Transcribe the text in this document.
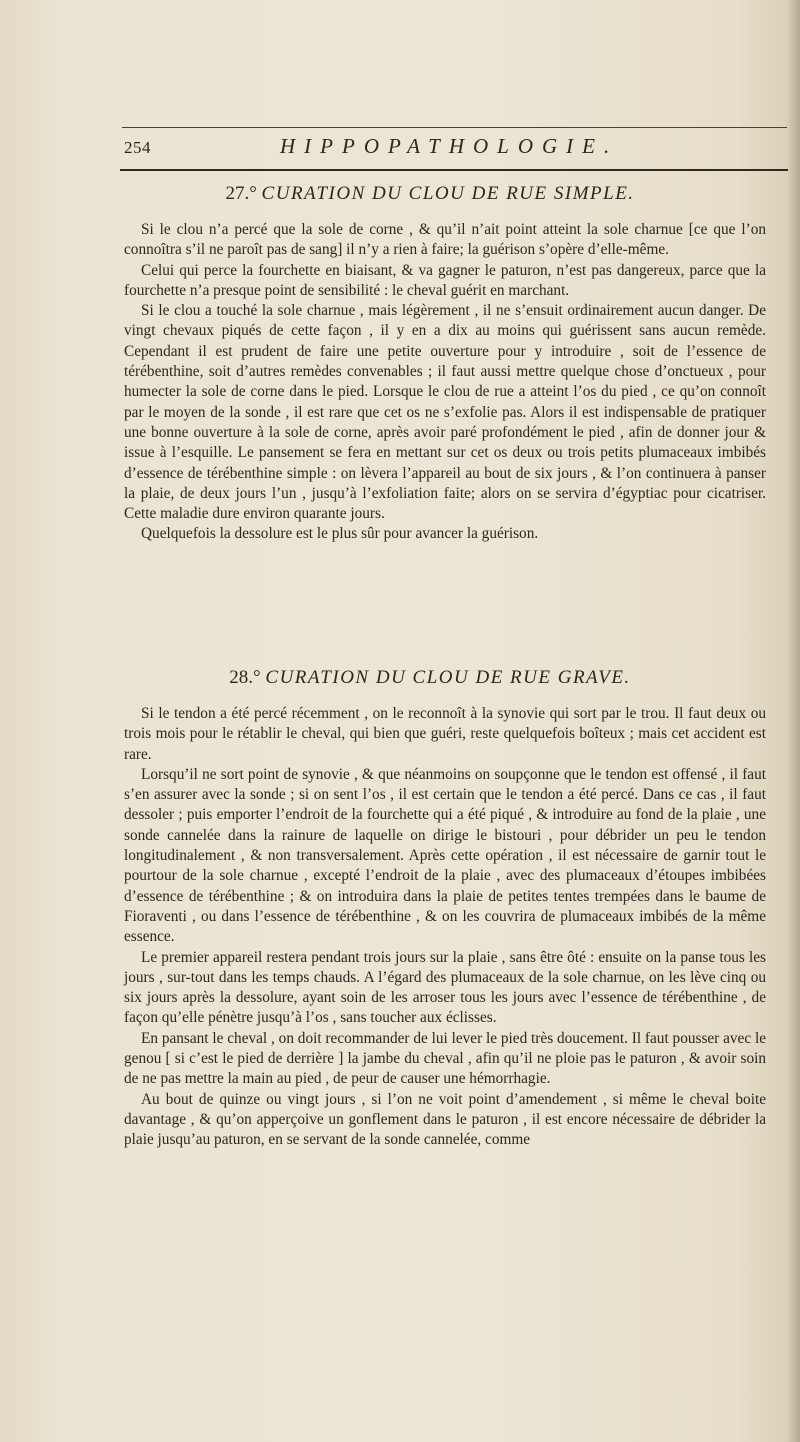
254	HIPPOPATHOLOGIE.
27.° CURATION DU CLOU DE RUE SIMPLE.

Si le clou n’a percé que la sole de corne , & qu’il n’ait point atteint la sole charnue [ce que l’on connoîtra s’il ne paroît pas de sang] il n’y a rien à faire; la guérison s’opère d’elle-même.

Celui qui perce la fourchette en biaisant, & va gagner le paturon, n’est pas dangereux, parce que la fourchette n’a presque point de sensibilité : le cheval guérit en marchant.

Si le clou a touché la sole charnue , mais légèrement , il ne s’ensuit ordinairement aucun danger. De vingt chevaux piqués de cette façon , il y en a dix au moins qui guérissent sans aucun remède. Cependant il est prudent de faire une petite ouverture pour y introduire , soit de l’essence de térébenthine, soit d’autres remèdes convenables ; il faut aussi mettre quelque chose d’onctueux , pour humecter la sole de corne dans le pied. Lorsque le clou de rue a atteint l’os du pied , ce qu’on connoît par le moyen de la sonde , il est rare que cet os ne s’exfolie pas. Alors il est indispensable de pratiquer une bonne ouverture à la sole de corne, après avoir paré profondément le pied , afin de donner jour & issue à l’esquille. Le pansement se fera en mettant sur cet os deux ou trois petits plumaceaux imbibés d’essence de térébenthine simple : on lèvera l’appareil au bout de six jours , & l’on continuera à panser la plaie, de deux jours l’un , jusqu’à l’exfoliation faite; alors on se servira d’égyptiac pour cicatriser. Cette maladie dure environ quarante jours.

Quelquefois la dessolure est le plus sûr pour avancer la guérison.

28.° CURATION DU CLOU DE RUE GRAVE.

Si le tendon a été percé récemment , on le reconnoît à la synovie qui sort par le trou. Il faut deux ou trois mois pour le rétablir le cheval, qui bien que guéri, reste quelquefois boîteux ; mais cet accident est rare.

Lorsqu’il ne sort point de synovie , & que néanmoins on soupçonne que le tendon est offensé , il faut s’en assurer avec la sonde ; si on sent l’os , il est certain que le tendon a été percé. Dans ce cas , il faut dessoler ; puis emporter l’endroit de la fourchette qui a été piqué , & introduire au fond de la plaie , une sonde cannelée dans la rainure de laquelle on dirige le bistouri , pour débrider un peu le tendon longitudinalement , & non transversalement. Après cette opération , il est nécessaire de garnir tout le pourtour de la sole charnue , excepté l’endroit de la plaie , avec des plumaceaux d’étoupes imbibées d’essence de térébenthine ; & on introduira dans la plaie de petites tentes trempées dans le baume de Fioraventi , ou dans l’essence de térébenthine , & on les couvrira de plumaceaux imbibés de la même essence.

Le premier appareil restera pendant trois jours sur la plaie , sans être ôté : ensuite on la panse tous les jours , sur-tout dans les temps chauds. A l’égard des plumaceaux de la sole charnue, on les lève cinq ou six jours après la dessolure, ayant soin de les arroser tous les jours avec l’essence de térébenthine , de façon qu’elle pénètre jusqu’à l’os , sans toucher aux éclisses.

En pansant le cheval , on doit recommander de lui lever le pied très doucement. Il faut pousser avec le genou [ si c’est le pied de derrière ] la jambe du cheval , afin qu’il ne ploie pas le paturon , & avoir soin de ne pas mettre la main au pied , de peur de causer une hémorrhagie.

Au bout de quinze ou vingt jours , si l’on ne voit point d’amendement , si même le cheval boite davantage , & qu’on apperçoive un gonflement dans le paturon , il est encore nécessaire de débrider la plaie jusqu’au paturon, en se servant de la sonde cannelée, comme
